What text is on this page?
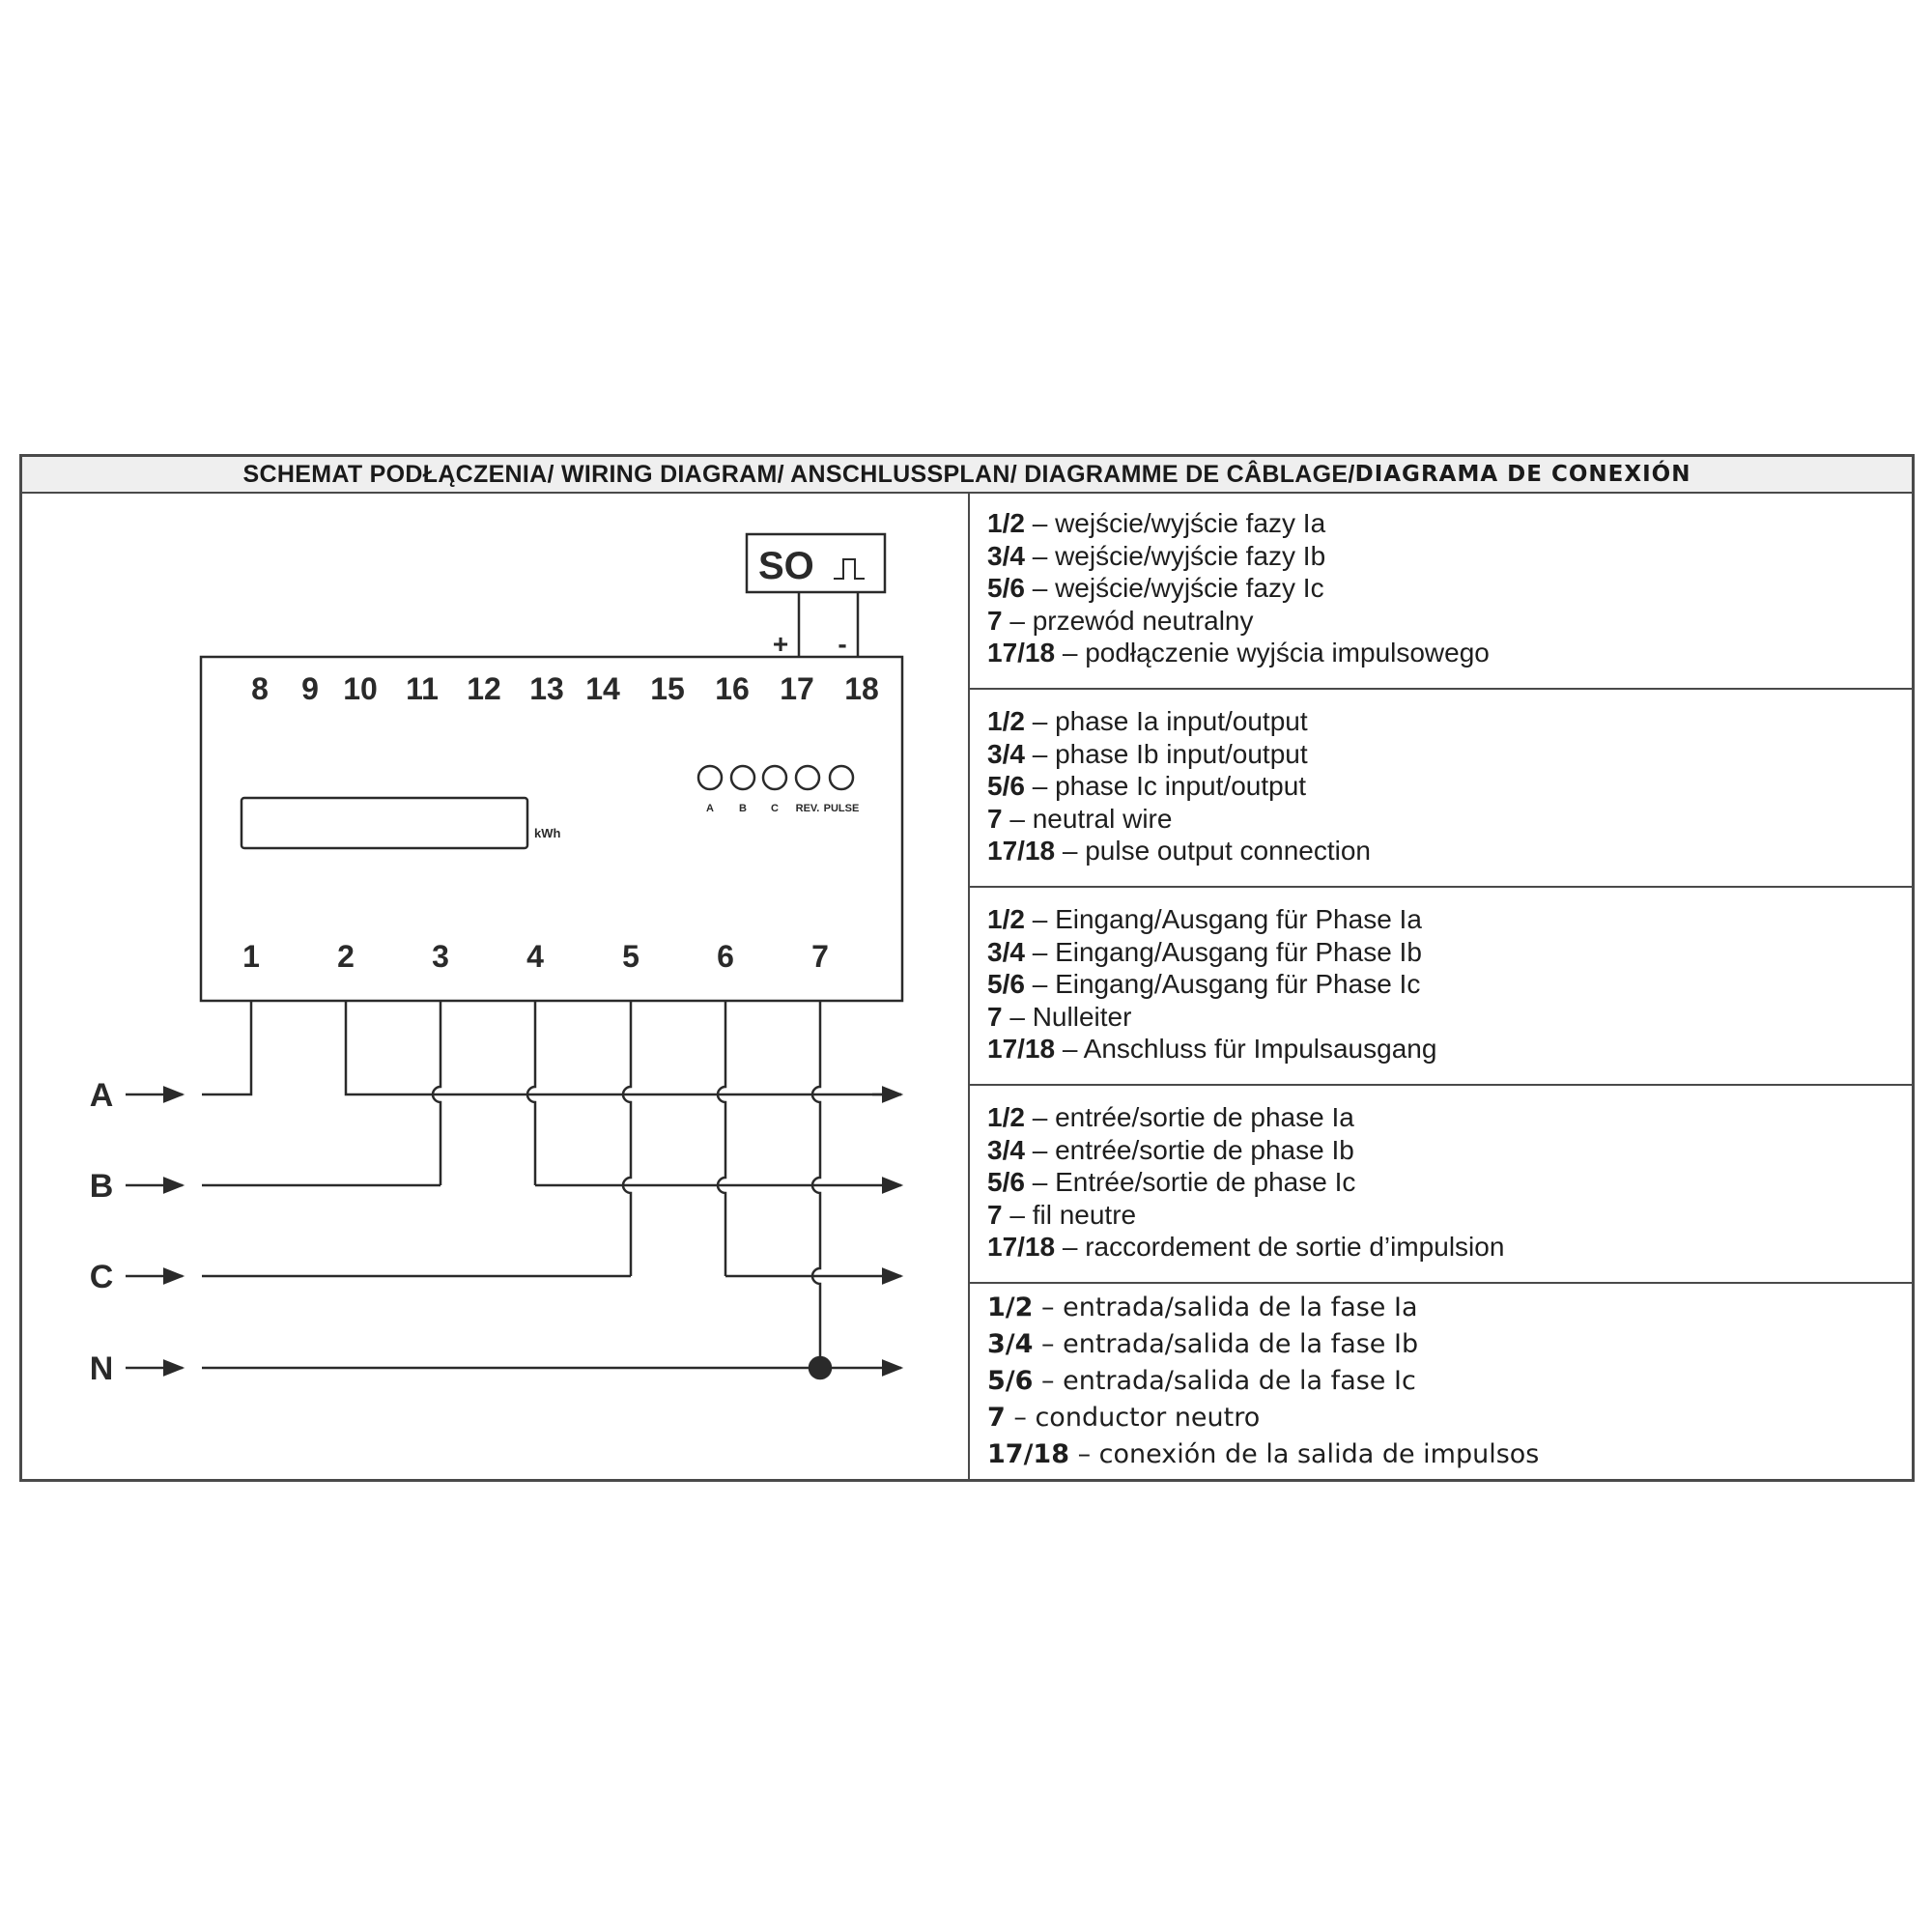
SCHEMAT PODŁĄCZENIA/ WIRING DIAGRAM/ ANSCHLUSSPLAN/ DIAGRAMME DE CÂBLAGE/ DIAGRAMA DE CONEXIÓN
8 9 10 11 12 13 14 15 16 17 18
1	2	3	4	5	6	7
kWh
A B C REV. PULSE
SO
+ -
A
B
C
N
1/2 – wejście/wyjście fazy Ia
3/4 – wejście/wyjście fazy Ib
5/6 – wejście/wyjście fazy Ic
7 – przewód neutralny
17/18 – podłączenie wyjścia impulsowego
1/2 – phase Ia input/output
3/4 – phase Ib input/output
5/6 – phase Ic input/output
7 – neutral wire
17/18 – pulse output connection
1/2 – Eingang/Ausgang für Phase Ia
3/4 – Eingang/Ausgang für Phase Ib
5/6 – Eingang/Ausgang für Phase Ic
7 – Nulleiter
17/18 – Anschluss für Impulsausgang
1/2 – entrée/sortie de phase Ia
3/4 – entrée/sortie de phase Ib
5/6 – Entrée/sortie de phase Ic
7 – fil neutre
17/18 – raccordement de sortie d’impulsion
1/2 – entrada/salida de la fase Ia
3/4 – entrada/salida de la fase Ib
5/6 – entrada/salida de la fase Ic
7 – conductor neutro
17/18 – conexión de la salida de impulsos
